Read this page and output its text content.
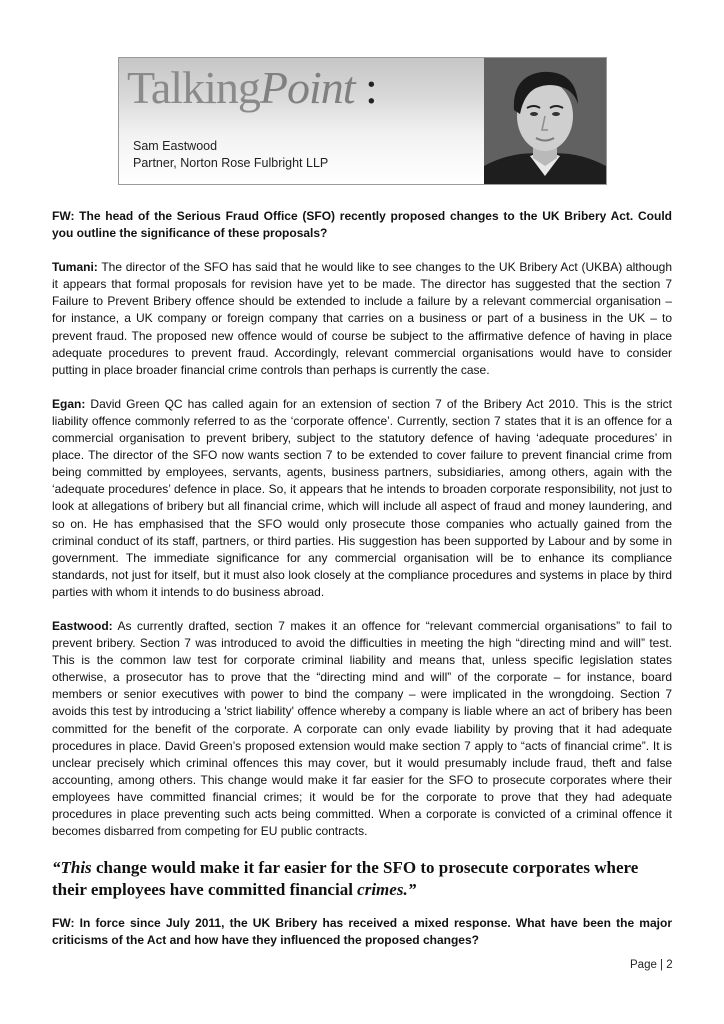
TalkingPoint :
Sam Eastwood
Partner, Norton Rose Fulbright LLP

FW: The head of the Serious Fraud Office (SFO) recently proposed changes to the UK Bribery Act. Could you outline the significance of these proposals?

Tumani: The director of the SFO has said that he would like to see changes to the UK Bribery Act (UKBA) although it appears that formal proposals for revision have yet to be made. The director has suggested that the section 7 Failure to Prevent Bribery offence should be extended to include a failure by a relevant commercial organisation – for instance, a UK company or foreign company that carries on a business or part of a business in the UK – to prevent fraud. The proposed new offence would of course be subject to the affirmative defence of having in place adequate procedures to prevent fraud. Accordingly, relevant commercial organisations would have to consider putting in place broader financial crime controls than perhaps is currently the case.

Egan: David Green QC has called again for an extension of section 7 of the Bribery Act 2010. This is the strict liability offence commonly referred to as the ‘corporate offence’. Currently, section 7 states that it is an offence for a commercial organisation to prevent bribery, subject to the statutory defence of having ‘adequate procedures’ in place. The director of the SFO now wants section 7 to be extended to cover failure to prevent financial crime from being committed by employees, servants, agents, business partners, subsidiaries, among others, again with the ‘adequate procedures’ defence in place. So, it appears that he intends to broaden corporate responsibility, not just to look at allegations of bribery but all financial crime, which will include all aspect of fraud and money laundering, and so on. He has emphasised that the SFO would only prosecute those companies who actually gained from the criminal conduct of its staff, partners, or third parties. His suggestion has been supported by Labour and by some in government. The immediate significance for any commercial organisation will be to enhance its compliance standards, not just for itself, but it must also look closely at the compliance procedures and systems in place by third parties with whom it intends to do business abroad.

Eastwood: As currently drafted, section 7 makes it an offence for “relevant commercial organisations” to fail to prevent bribery. Section 7 was introduced to avoid the difficulties in meeting the high “directing mind and will” test. This is the common law test for corporate criminal liability and means that, unless specific legislation states otherwise, a prosecutor has to prove that the “directing mind and will” of the corporate – for instance, board members or senior executives with power to bind the company – were implicated in the wrongdoing. Section 7 avoids this test by introducing a 'strict liability' offence whereby a company is liable where an act of bribery has been committed for the benefit of the corporate. A corporate can only evade liability by proving that it had adequate procedures in place. David Green’s proposed extension would make section 7 apply to “acts of financial crime”. It is unclear precisely which criminal offences this may cover, but it would presumably include fraud, theft and false accounting, among others. This change would make it far easier for the SFO to prosecute corporates where their employees have committed financial crimes; it would be for the corporate to prove that they had adequate procedures in place preventing such acts being committed. When a corporate is convicted of a criminal offence it becomes disbarred from competing for EU public contracts.

“This change would make it far easier for the SFO to prosecute corporates where their employees have committed financial crimes.”

FW: In force since July 2011, the UK Bribery has received a mixed response. What have been the major criticisms of the Act and how have they influenced the proposed changes?

Page | 2
